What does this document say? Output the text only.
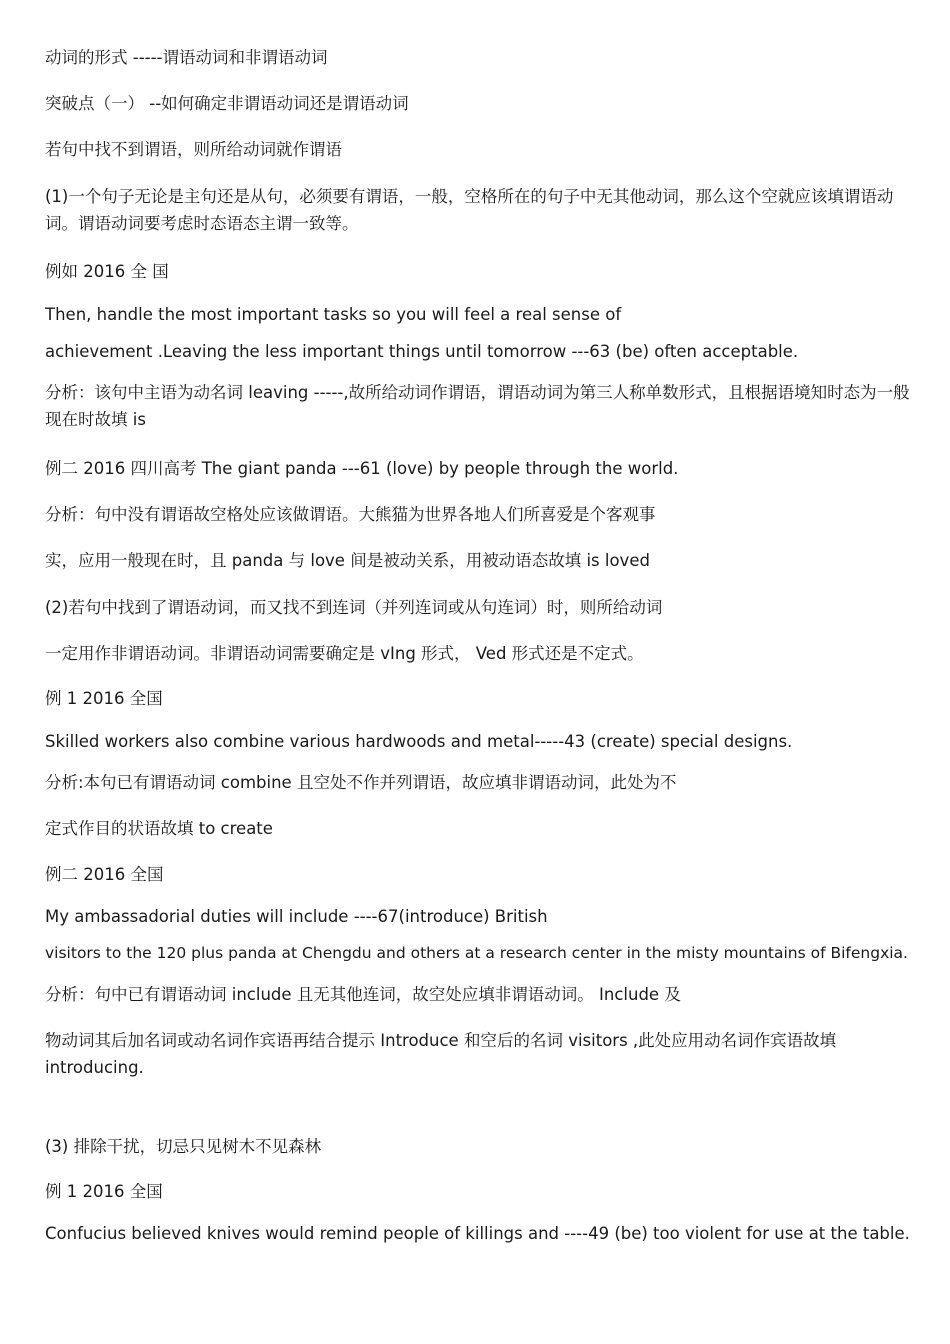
动词的形式 -----谓语动词和非谓语动词
突破点（一） --如何确定非谓语动词还是谓语动词
若句中找不到谓语，则所给动词就作谓语
(1)一个句子无论是主句还是从句，必须要有谓语，一般，空格所在的句子中无其他动词，那么这个空就应该填谓语动词。谓语动词要考虑时态语态主谓一致等。
例如 2016 全 国
Then, handle the most important tasks so you will feel a real sense of
achievement .Leaving the less important things until tomorrow ---63 (be) often acceptable.
分析：该句中主语为动名词 leaving -----,故所给动词作谓语，谓语动词为第三人称单数形式，且根据语境知时态为一般现在时故填 is
例二 2016 四川高考 The giant panda ---61 (love) by people through the world.
分析：句中没有谓语故空格处应该做谓语。大熊猫为世界各地人们所喜爱是个客观事
实，应用一般现在时，且 panda 与 love 间是被动关系，用被动语态故填 is loved
(2)若句中找到了谓语动词，而又找不到连词（并列连词或从句连词）时，则所给动词
一定用作非谓语动词。非谓语动词需要确定是 vIng 形式， Ved 形式还是不定式。
例 1 2016 全国
Skilled workers also combine various hardwoods and metal-----43 (create) special designs.
分析:本句已有谓语动词 combine 且空处不作并列谓语，故应填非谓语动词，此处为不
定式作目的状语故填 to create
例二 2016 全国
My ambassadorial duties will include ----67(introduce) British
visitors to the 120 plus panda at Chengdu and others at a research center in the misty mountains of Bifengxia.
分析：句中已有谓语动词 include 且无其他连词，故空处应填非谓语动词。 Include 及
物动词其后加名词或动名词作宾语再结合提示 Introduce 和空后的名词 visitors ,此处应用动名词作宾语故填introducing.
(3) 排除干扰，切忌只见树木不见森林
例 1 2016 全国
Confucius believed knives would remind people of killings and ----49 (be) too violent for use at the table.
